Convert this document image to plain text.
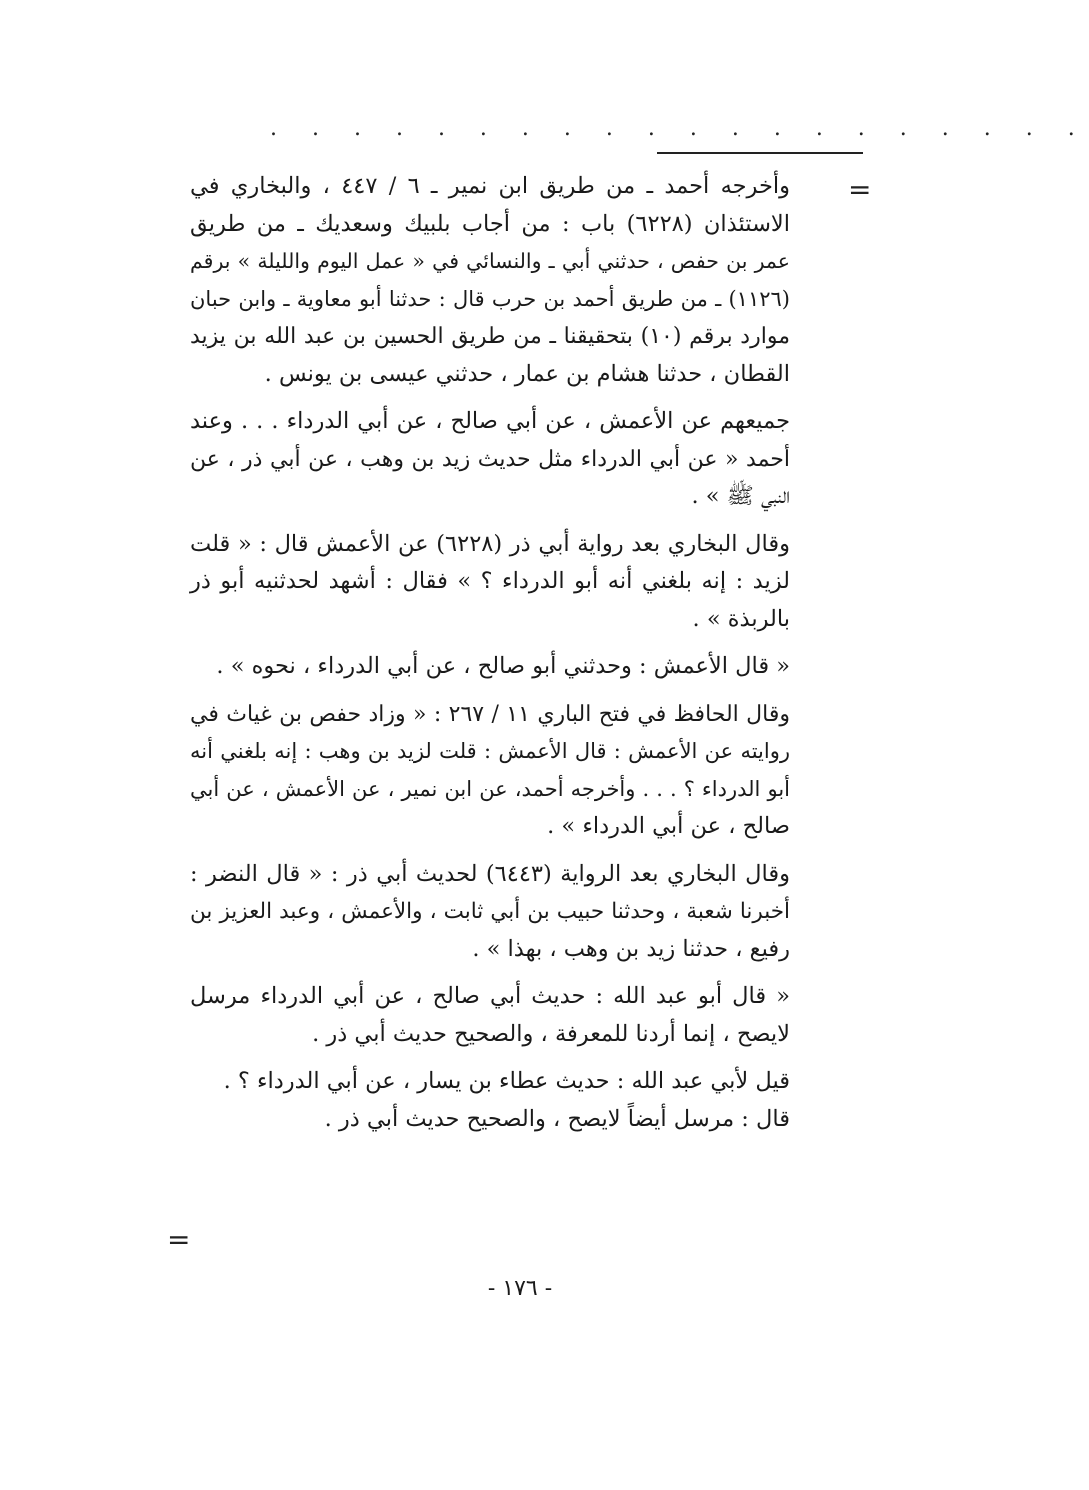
. . . . . . . . . . . . . . . . . . . .
=
وأخرجه أحمد ـ من طريق ابن نمير ـ ٦ / ٤٤٧ ، والبخاري في
الاستئذان (٦٢٢٨) باب : من أجاب بلبيك وسعديك ـ من طريق
عمر بن حفص ، حدثني أبي ـ والنسائي في « عمل اليوم والليلة » برقم
(١١٢٦) ـ من طريق أحمد بن حرب قال : حدثنا أبو معاوية ـ وابن حبان
موارد برقم (١٠) بتحقيقنا ـ من طريق الحسين بن عبد الله بن يزيد
القطان ، حدثنا هشام بن عمار ، حدثني عيسى بن يونس .
جميعهم عن الأعمش ، عن أبي صالح ، عن أبي الدرداء . . . وعند
أحمد « عن أبي الدرداء مثل حديث زيد بن وهب ، عن أبي ذر ، عن
النبي ﷺ » .
وقال البخاري بعد رواية أبي ذر (٦٢٢٨) عن الأعمش قال : « قلت
لزيد : إنه بلغني أنه أبو الدرداء ؟ » فقال : أشهد لحدثنيه أبو ذر
بالربذة » .
« قال الأعمش : وحدثني أبو صالح ، عن أبي الدرداء ، نحوه » .
وقال الحافظ في فتح الباري ١١ / ٢٦٧ : « وزاد حفص بن غياث في
روايته عن الأعمش : قال الأعمش : قلت لزيد بن وهب : إنه بلغني أنه
أبو الدرداء ؟ . . . وأخرجه أحمد، عن ابن نمير ، عن الأعمش ، عن أبي
صالح ، عن أبي الدرداء » .
وقال البخاري بعد الرواية (٦٤٤٣) لحديث أبي ذر : « قال النضر :
أخبرنا شعبة ، وحدثنا حبيب بن أبي ثابت ، والأعمش ، وعبد العزيز بن
رفيع ، حدثنا زيد بن وهب ، بهذا » .
« قال أبو عبد الله : حديث أبي صالح ، عن أبي الدرداء مرسل
لايصح ، إنما أردنا للمعرفة ، والصحيح حديث أبي ذر .
قيل لأبي عبد الله : حديث عطاء بن يسار ، عن أبي الدرداء ؟ .
قال : مرسل أيضاً لايصح ، والصحيح حديث أبي ذر .
=
- ١٧٦ -
